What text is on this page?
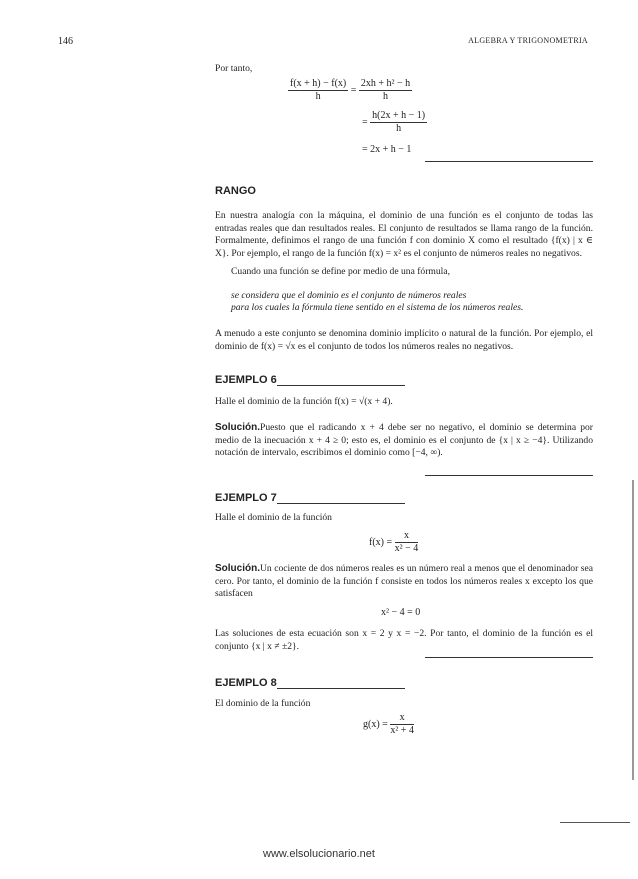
146	ALGEBRA Y TRIGONOMETRIA
Por tanto,
$\frac{f(x + h) - f(x)}{h} = \frac{\text{2xh + h² − h}}{h}$
= $\frac{h(2x + h - 1)}{h}$
= 2x + h − 1
RANGO
En nuestra analogía con la máquina, el dominio de una función es el conjunto de todas las entradas reales que dan resultados reales. El conjunto de resultados se llama rango de la función. Formalmente, definimos el rango de una función f con dominio X como el resultado {f(x) | x ∈ X}. Por ejemplo, el rango de la función f(x) = x² es el conjunto de números reales no negativos.
Cuando una función se define por medio de una fórmula,
se considera que el dominio es el conjunto de números reales
para los cuales la fórmula tiene sentido en el sistema de los números reales.
A menudo a este conjunto se denomina dominio implícito o natural de la función. Por ejemplo, el dominio de f(x) = √x es el conjunto de todos los números reales no negativos.
EJEMPLO 6
Halle el dominio de la función f(x) = √(x + 4).
Solución.Puesto que el radicando x + 4 debe ser no negativo, el dominio se determina por medio de la inecuación x + 4 ≥ 0; esto es, el dominio es el conjunto de {x | x ≥ −4}. Utilizando notación de intervalo, escribimos el dominio como [−4, ∞).
EJEMPLO 7
Halle el dominio de la función
$f(x) = \frac{x}{\text{x² − 4}}$
Solución.Un cociente de dos números reales es un número real a menos que el denominador sea cero. Por tanto, el dominio de la función f consiste en todos los números reales x excepto los que satisfacen
x² − 4 = 0
Las soluciones de esta ecuación son x = 2 y x = −2. Por tanto, el dominio de la función es el conjunto {x | x ≠ ±2}.
EJEMPLO 8
El dominio de la función
$g(x) = \frac{x}{\text{x² + 4}}$
www.elsolucionario.net
